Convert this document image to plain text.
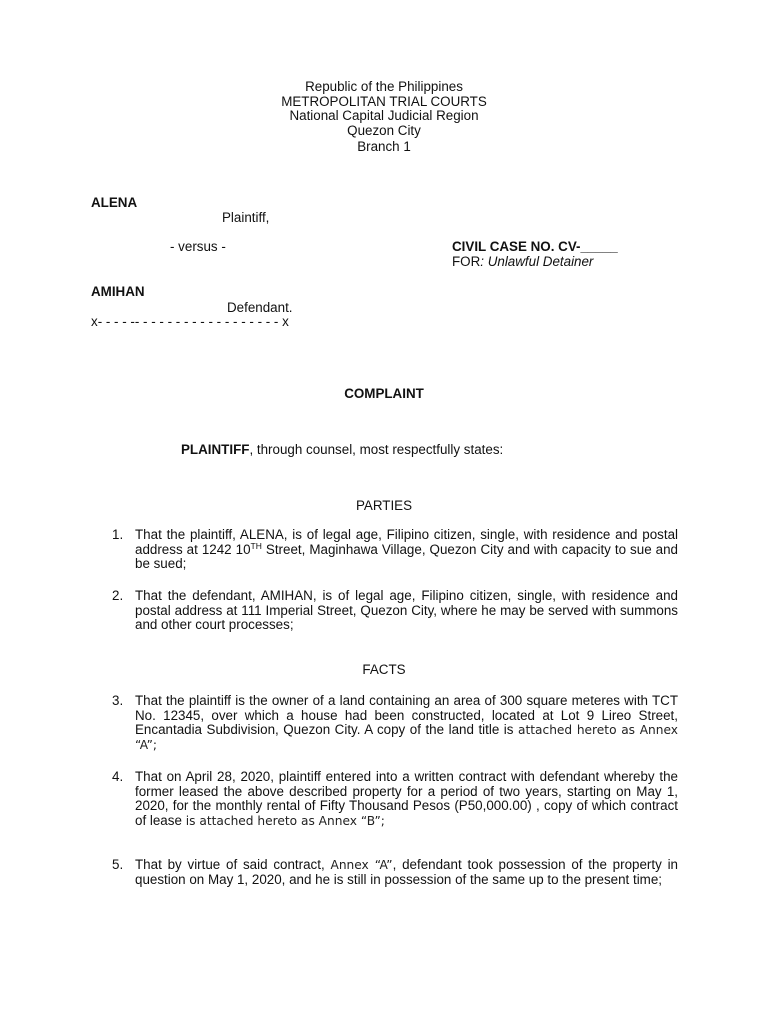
Republic of the Philippines
METROPOLITAN TRIAL COURTS
National Capital Judicial Region
Quezon City
Branch 1
ALENA
Plaintiff,
- versus -	CIVIL CASE NO. CV-_____
FOR: Unlawful Detainer
AMIHAN
Defendant.
x- - - - -- - - - - - - - - - - - - - - - - - x
COMPLAINT
PLAINTIFF, through counsel, most respectfully states:
PARTIES
1. That the plaintiff, ALENA, is of legal age, Filipino citizen, single, with residence and postal address at 1242 10TH Street, Maginhawa Village, Quezon City and with capacity to sue and be sued;
2. That the defendant, AMIHAN, is of legal age, Filipino citizen, single, with residence and postal address at 111 Imperial Street, Quezon City, where he may be served with summons and other court processes;
FACTS
3. That the plaintiff is the owner of a land containing an area of 300 square meteres with TCT No. 12345, over which a house had been constructed, located at Lot 9 Lireo Street, Encantadia Subdivision, Quezon City. A copy of the land title is attached hereto as Annex “A”;
4. That on April 28, 2020, plaintiff entered into a written contract with defendant whereby the former leased the above described property for a period of two years, starting on May 1, 2020, for the monthly rental of Fifty Thousand Pesos (P50,000.00) , copy of which contract of lease is attached hereto as Annex “B”;
5. That by virtue of said contract, Annex “A”, defendant took possession of the property in question on May 1, 2020, and he is still in possession of the same up to the present time;
